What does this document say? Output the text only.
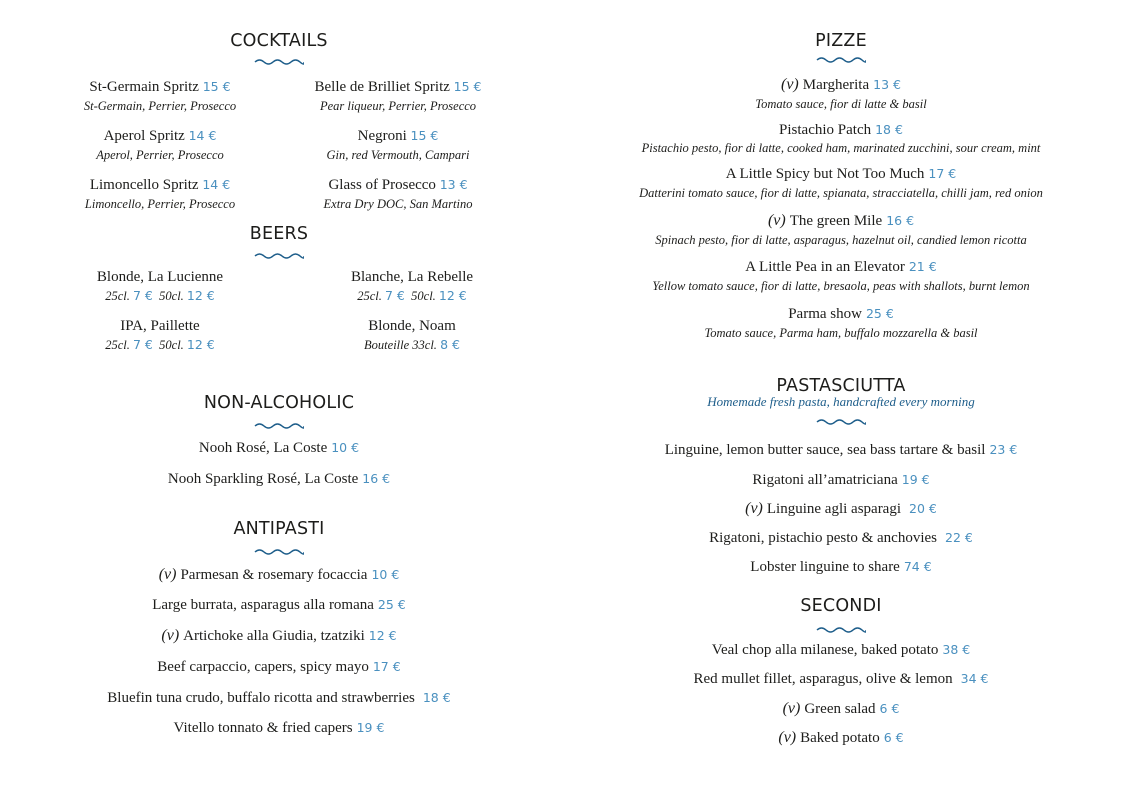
COCKTAILS
St-Germain Spritz 15 €
St-Germain, Perrier, Prosecco
Belle de Brilliet Spritz 15 €
Pear liqueur, Perrier, Prosecco
Aperol Spritz 14 €
Aperol, Perrier, Prosecco
Negroni 15 €
Gin, red Vermouth, Campari
Limoncello Spritz 14 €
Limoncello, Perrier, Prosecco
Glass of Prosecco 13 €
Extra Dry DOC, San Martino
BEERS
Blonde, La Lucienne
25cl. 7 € 50cl. 12 €
Blanche, La Rebelle
25cl. 7 € 50cl. 12 €
IPA, Paillette
25cl. 7 € 50cl. 12 €
Blonde, Noam
Bouteille 33cl. 8 €
NON-ALCOHOLIC
Nooh Rosé, La Coste 10 €
Nooh Sparkling Rosé, La Coste 16 €
ANTIPASTI
(v) Parmesan & rosemary focaccia 10 €
Large burrata, asparagus alla romana 25 €
(v) Artichoke alla Giudia, tzatziki 12 €
Beef carpaccio, capers, spicy mayo 17 €
Bluefin tuna crudo, buffalo ricotta and strawberries 18 €
Vitello tonnato & fried capers 19 €
PIZZE
(v) Margherita 13 €
Tomato sauce, fior di latte & basil
Pistachio Patch 18 €
Pistachio pesto, fior di latte, cooked ham, marinated zucchini, sour cream, mint
A Little Spicy but Not Too Much 17 €
Datterini tomato sauce, fior di latte, spianata, stracciatella, chilli jam, red onion
(v) The green Mile 16 €
Spinach pesto, fior di latte, asparagus, hazelnut oil, candied lemon ricotta
A Little Pea in an Elevator 21 €
Yellow tomato sauce, fior di latte, bresaola, peas with shallots, burnt lemon
Parma show 25 €
Tomato sauce, Parma ham, buffalo mozzarella & basil
PASTASCIUTTA
Homemade fresh pasta, handcrafted every morning
Linguine, lemon butter sauce, sea bass tartare & basil 23 €
Rigatoni all’amatriciana 19 €
(v) Linguine agli asparagi 20 €
Rigatoni, pistachio pesto & anchovies 22 €
Lobster linguine to share 74 €
SECONDI
Veal chop alla milanese, baked potato 38 €
Red mullet fillet, asparagus, olive & lemon 34 €
(v) Green salad 6 €
(v) Baked potato 6 €
